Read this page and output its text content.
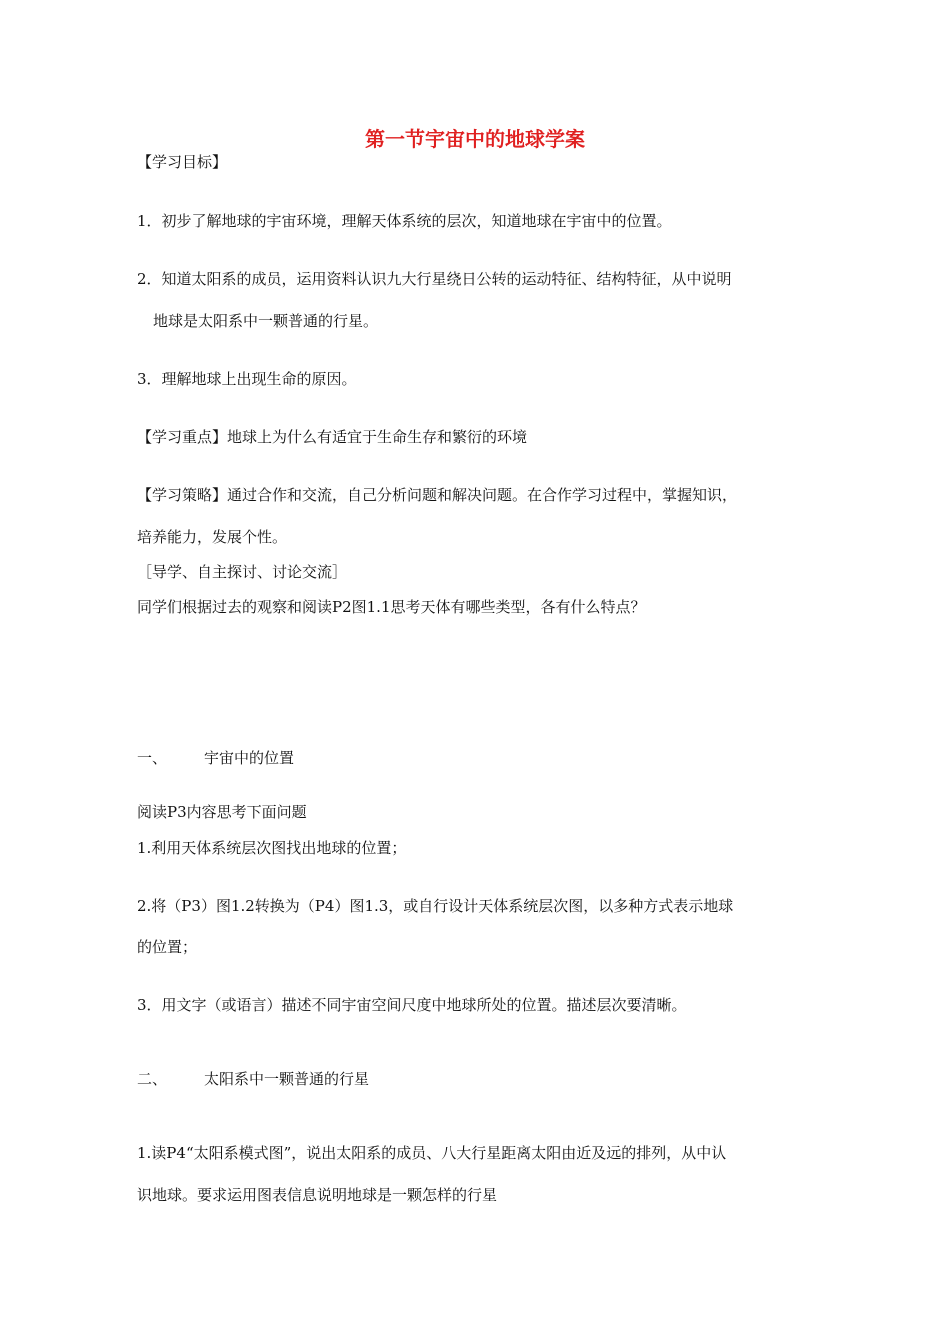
第一节宇宙中的地球学案
【学习目标】
1．初步了解地球的宇宙环境，理解天体系统的层次，知道地球在宇宙中的位置。
2．知道太阳系的成员，运用资料认识九大行星绕日公转的运动特征、结构特征，从中说明
地球是太阳系中一颗普通的行星。
3．理解地球上出现生命的原因。
【学习重点】地球上为什么有适宜于生命生存和繁衍的环境
【学习策略】通过合作和交流，自己分析问题和解决问题。在合作学习过程中，掌握知识，
培养能力，发展个性。
［导学、自主探讨、讨论交流］
同学们根据过去的观察和阅读P2图1.1思考天体有哪些类型，各有什么特点？
一、 宇宙中的位置
阅读P3内容思考下面问题
1.利用天体系统层次图找出地球的位置；
2.将（P3）图1.2转换为（P4）图1.3，或自行设计天体系统层次图，以多种方式表示地球
的位置；
3．用文字（或语言）描述不同宇宙空间尺度中地球所处的位置。描述层次要清晰。
二、 太阳系中一颗普通的行星
1.读P4“太阳系模式图”，说出太阳系的成员、八大行星距离太阳由近及远的排列，从中认
识地球。要求运用图表信息说明地球是一颗怎样的行星
